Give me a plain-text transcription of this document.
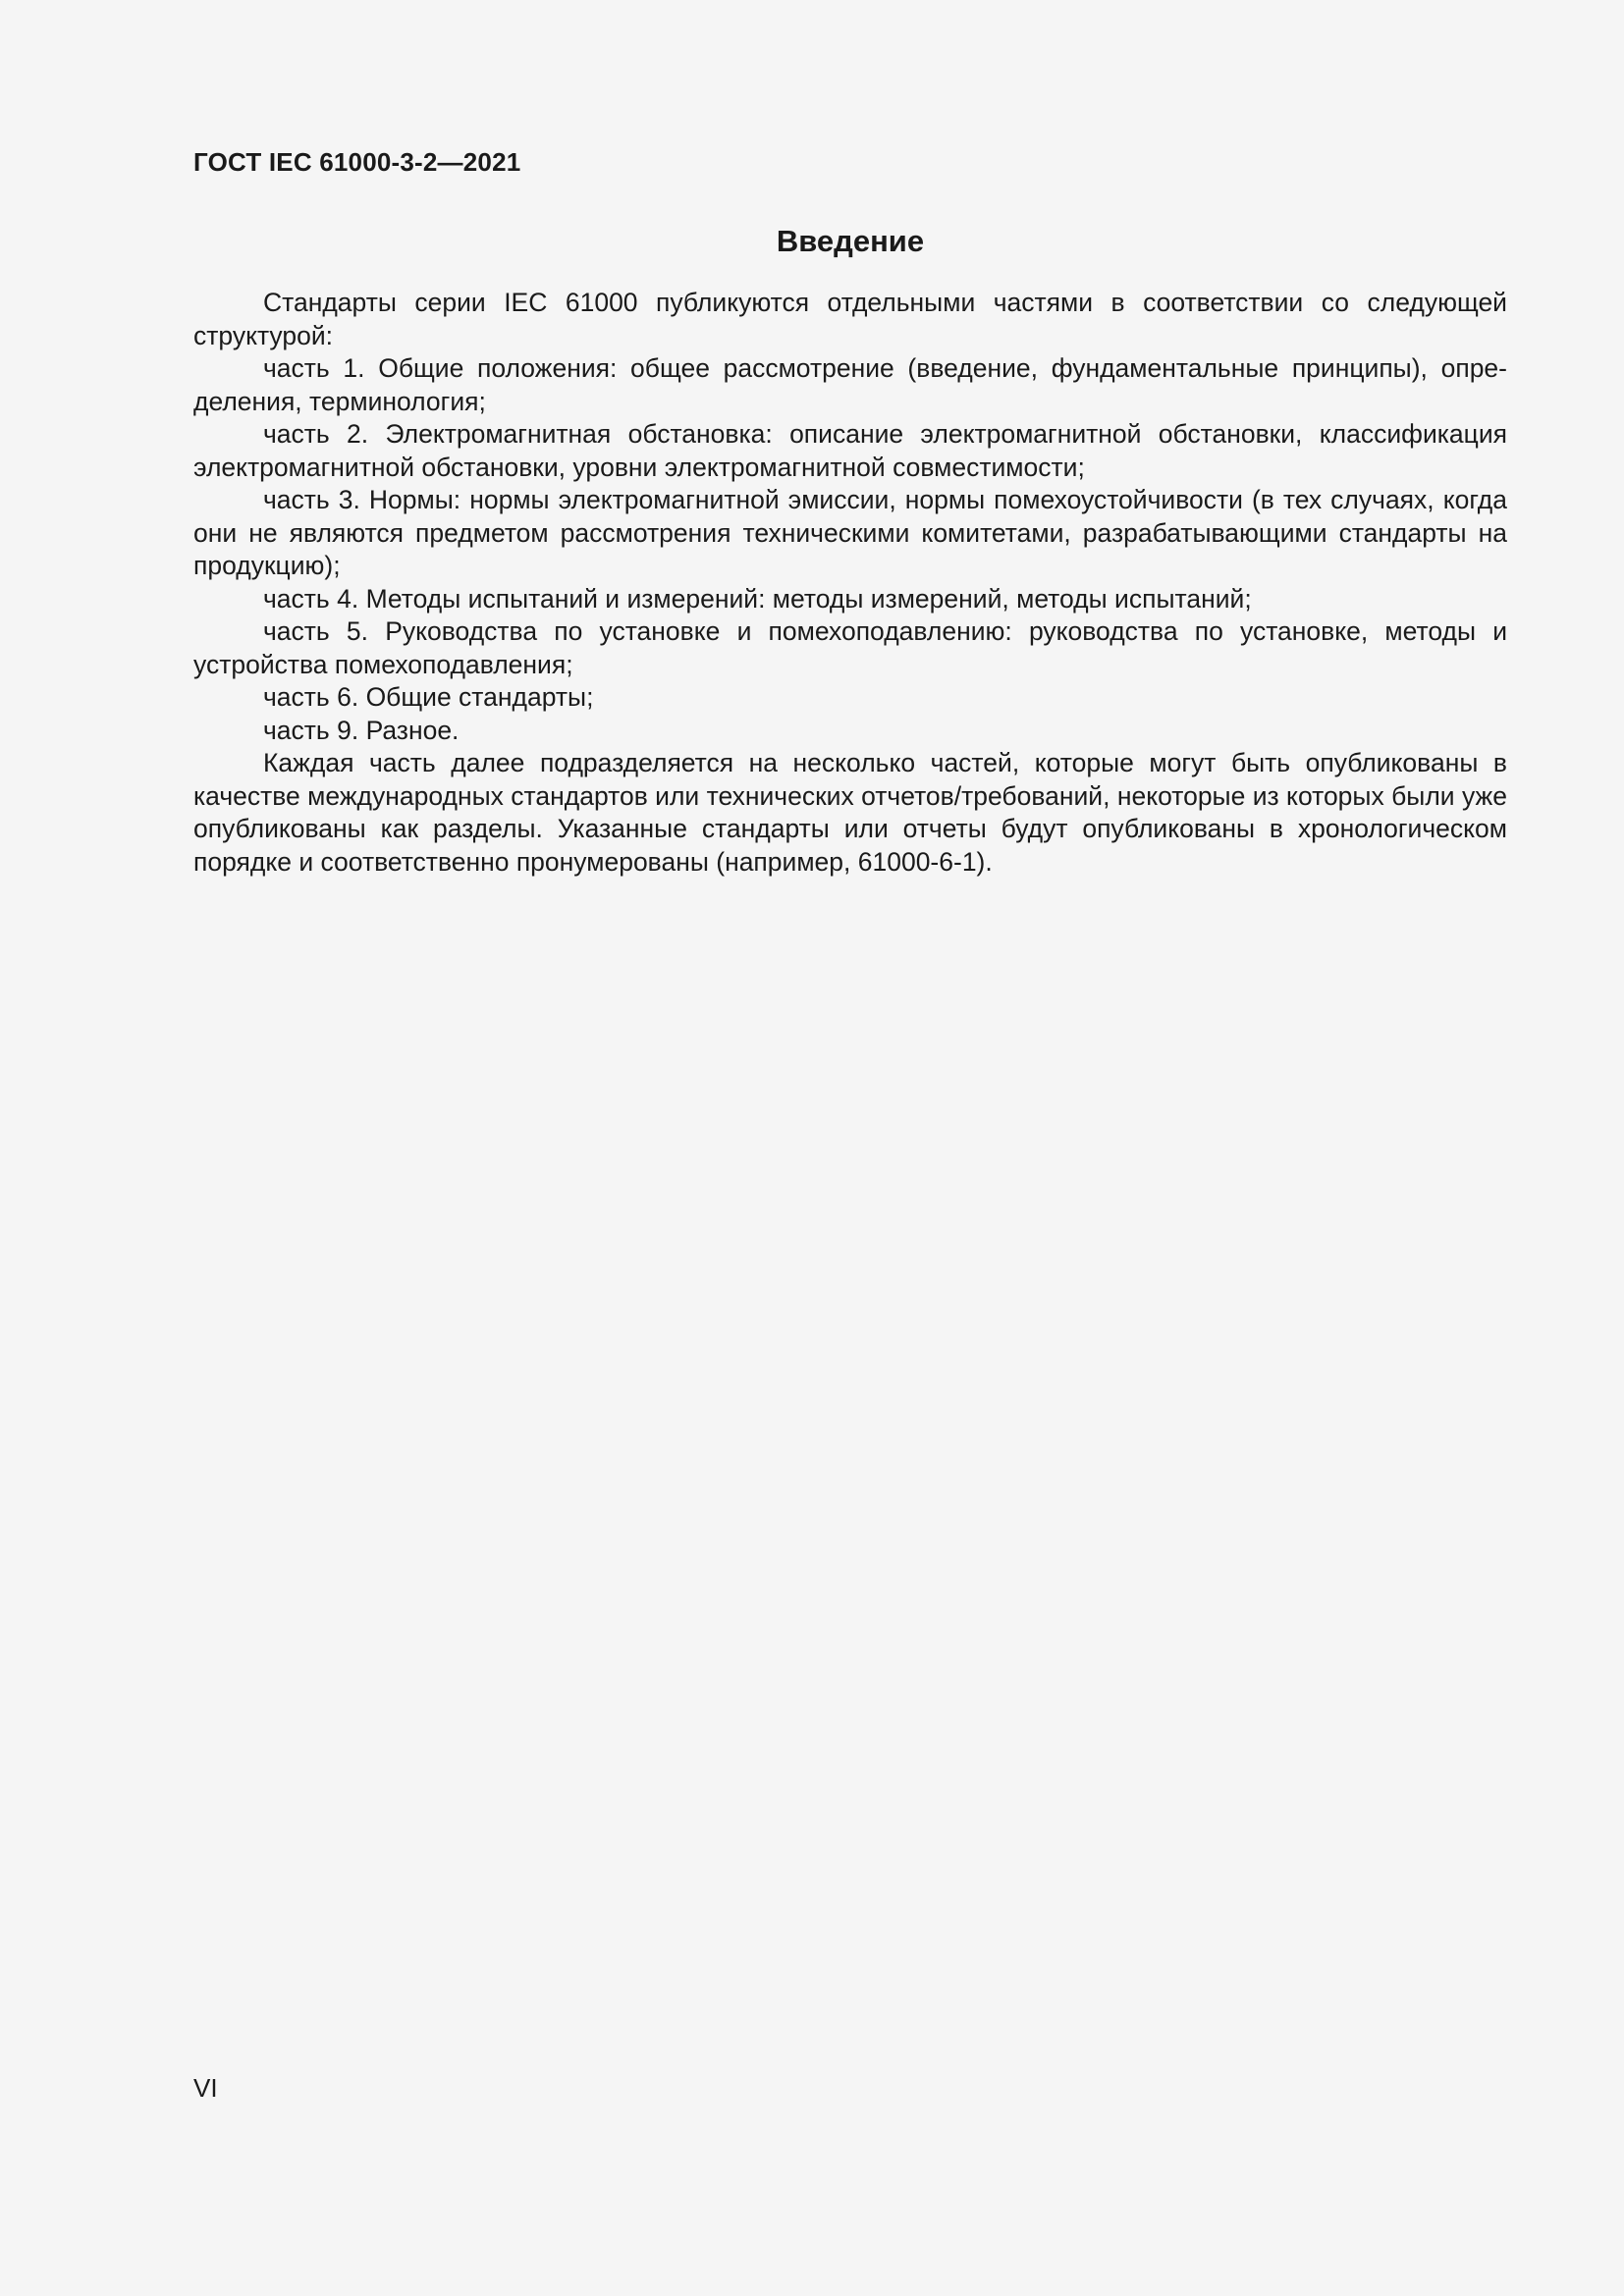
ГОСТ IEC 61000-3-2—2021
Введение

Стандарты серии IEC 61000 публикуются отдельными частями в соответствии со следующей структурой:

часть 1. Общие положения: общее рассмотрение (введение, фундаментальные принципы), определения, терминология;

часть 2. Электромагнитная обстановка: описание электромагнитной обстановки, классификация электромагнитной обстановки, уровни электромагнитной совместимости;

часть 3. Нормы: нормы электромагнитной эмиссии, нормы помехоустойчивости (в тех случаях, когда они не являются предметом рассмотрения техническими комитетами, разрабатывающими стандарты на продукцию);

часть 4. Методы испытаний и измерений: методы измерений, методы испытаний;

часть 5. Руководства по установке и помехоподавлению: руководства по установке, методы и устройства помехоподавления;

часть 6. Общие стандарты;

часть 9. Разное.

Каждая часть далее подразделяется на несколько частей, которые могут быть опубликованы в качестве международных стандартов или технических отчетов/требований, некоторые из которых были уже опубликованы как разделы. Указанные стандарты или отчеты будут опубликованы в хронологическом порядке и соответственно пронумерованы (например, 61000-6-1).

VI
